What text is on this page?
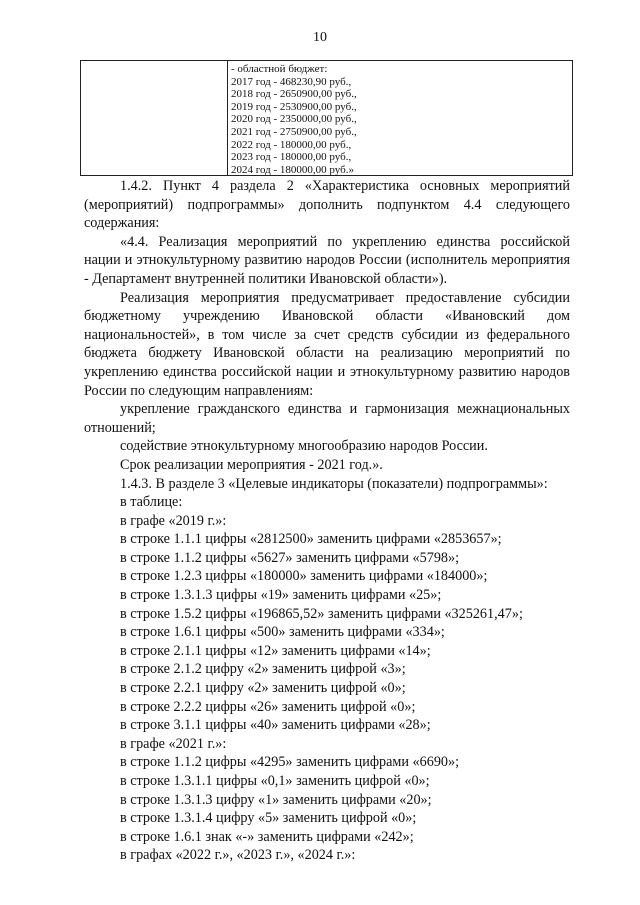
10
- областной бюджет:
2017 год - 468230,90 руб.,
2018 год - 2650900,00 руб.,
2019 год - 2530900,00 руб.,
2020 год - 2350000,00 руб.,
2021 год - 2750900,00 руб.,
2022 год - 180000,00 руб.,
2023 год - 180000,00 руб.,
2024 год - 180000,00 руб.»

1.4.2. Пункт 4 раздела 2 «Характеристика основных мероприятий (мероприятий) подпрограммы» дополнить подпунктом 4.4 следующего содержания:

«4.4. Реализация мероприятий по укреплению единства российской нации и этнокультурному развитию народов России (исполнитель мероприятия - Департамент внутренней политики Ивановской области»).

Реализация мероприятия предусматривает предоставление субсидии бюджетному учреждению Ивановской области «Ивановский дом национальностей», в том числе за счет средств субсидии из федерального бюджета бюджету Ивановской области на реализацию мероприятий по укреплению единства российской нации и этнокультурному развитию народов России по следующим направлениям:

укрепление гражданского единства и гармонизация межнациональных отношений;

содействие этнокультурному многообразию народов России.

Срок реализации мероприятия - 2021 год.».

1.4.3. В разделе 3 «Целевые индикаторы (показатели) подпрограммы»:

в таблице:

в графе «2019 г.»:

в строке 1.1.1 цифры «2812500» заменить цифрами «2853657»;

в строке 1.1.2 цифры «5627» заменить цифрами «5798»;

в строке 1.2.3 цифры «180000» заменить цифрами «184000»;

в строке 1.3.1.3 цифры «19» заменить цифрами «25»;

в строке 1.5.2 цифры «196865,52» заменить цифрами «325261,47»;

в строке 1.6.1 цифры «500» заменить цифрами «334»;

в строке 2.1.1 цифры «12» заменить цифрами «14»;

в строке 2.1.2 цифру «2» заменить цифрой «3»;

в строке 2.2.1 цифру «2» заменить цифрой «0»;

в строке 2.2.2 цифры «26» заменить цифрой «0»;

в строке 3.1.1 цифры «40» заменить цифрами «28»;

в графе «2021 г.»:

в строке 1.1.2 цифры «4295» заменить цифрами «6690»;

в строке 1.3.1.1 цифры «0,1» заменить цифрой «0»;

в строке 1.3.1.3 цифру «1» заменить цифрами «20»;

в строке 1.3.1.4 цифру «5» заменить цифрой «0»;

в строке 1.6.1 знак «-» заменить цифрами «242»;

в графах «2022 г.», «2023 г.», «2024 г.»:
